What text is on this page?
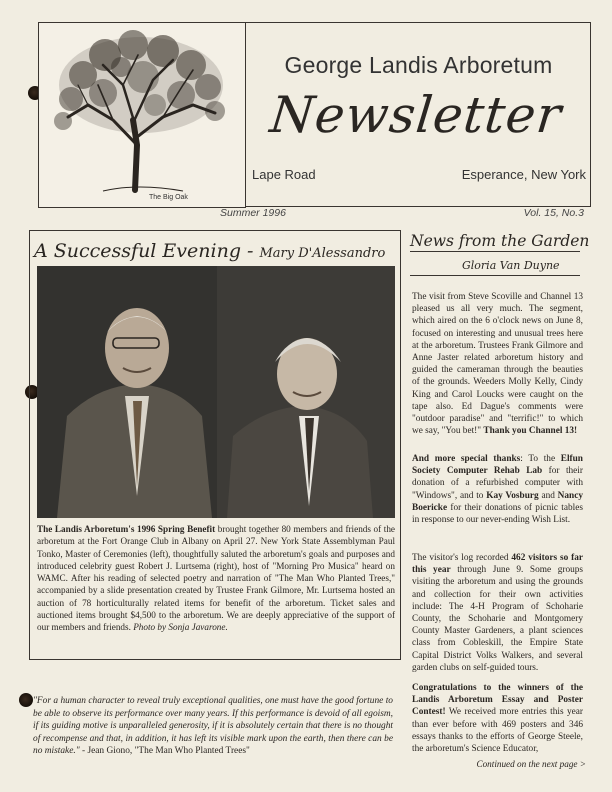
The Big Oak
George Landis Arboretum
Newsletter
Lape Road	Esperance, New York
Summer 1996	Vol. 15, No.3
A Successful Evening - Mary D'Alessandro
The Landis Arboretum's 1996 Spring Benefit brought together 80 members and friends of the arboretum at the Fort Orange Club in Albany on April 27. New York State Assemblyman Paul Tonko, Master of Ceremonies (left), thoughtfully saluted the arboretum's goals and purposes and introduced celebrity guest Robert J. Lurtsema (right), host of "Morning Pro Musica" heard on WAMC. After his reading of selected poetry and narration of "The Man Who Planted Trees," accompanied by a slide presentation created by Trustee Frank Gilmore, Mr. Lurtsema hosted an auction of 78 horticulturally related items for benefit of the arboretum. Ticket sales and auctioned items brought $4,500 to the arboretum. We are deeply appreciative of the support of our members and friends. Photo by Sonja Javarone.
"For a human character to reveal truly exceptional qualities, one must have the good fortune to be able to observe its performance over many years. If this performance is devoid of all egoism, if its guiding motive is unparalleled generosity, if it is absolutely certain that there is no thought of recompense and that, in addition, it has left its visible mark upon the earth, then there can be no mistake." - Jean Giono, "The Man Who Planted Trees"
News from the Garden
Gloria Van Duyne
The visit from Steve Scoville and Channel 13 pleased us all very much. The segment, which aired on the 6 o'clock news on June 8, focused on interesting and unusual trees here at the arboretum. Trustees Frank Gilmore and Anne Jaster related arboretum history and guided the cameraman through the beauties of the grounds. Weeders Molly Kelly, Cindy King and Carol Loucks were caught on the tape also. Ed Dague's comments were "outdoor paradise" and "terrific!" to which we say, "You bet!" Thank you Channel 13!
And more special thanks: To the Elfun Society Computer Rehab Lab for their donation of a refurbished computer with "Windows", and to Kay Vosburg and Nancy Boericke for their donations of picnic tables in response to our never-ending Wish List.
The visitor's log recorded 462 visitors so far this year through June 9. Some groups visiting the arboretum and using the grounds and collection for their own activities include: The 4-H Program of Schoharie County, the Schoharie and Montgomery County Master Gardeners, a plant sciences class from Cobleskill, the Empire State Capital District Volks Walkers, and several garden clubs on self-guided tours.
Congratulations to the winners of the Landis Arboretum Essay and Poster Contest! We received more entries this year than ever before with 469 posters and 346 essays thanks to the efforts of George Steele, the arboretum's Science Educator,
Continued on the next page >
